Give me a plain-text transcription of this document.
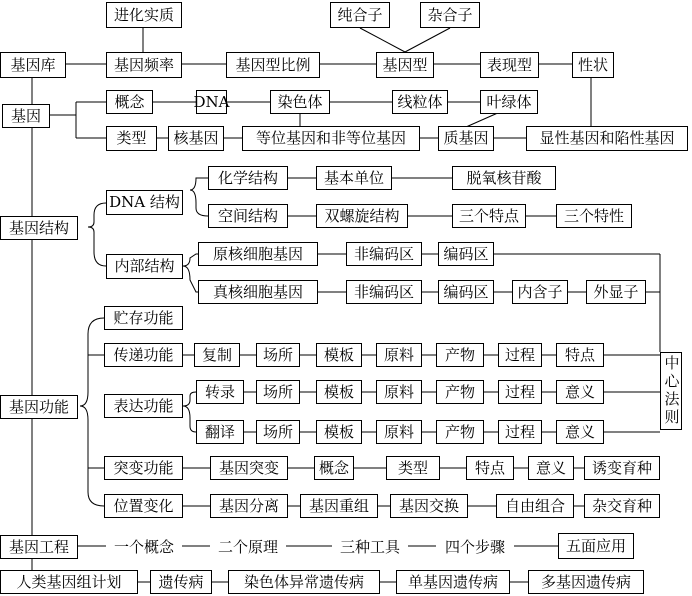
进化实质	纯合子	杂合子
基因库	基因频率	基因型比例	基因型	表现型	性状
基因
概念	DNA	染色体	线粒体	叶绿体
类型	核基因	等位基因和非等位基因	质基因	显性基因和陷性基因
DNA 结构
化学结构	基本单位	脱氧核苷酸
空间结构	双螺旋结构	三个特点	三个特性
基因结构
内部结构
原核细胞基因	非编码区	编码区
真核细胞基因	非编码区	编码区	内含子	外显子
贮存功能
传递功能	复制	场所	模板	原料	产物	过程	特点
中心法则
基因功能	表达功能
转录	场所	模板	原料	产物	过程	意义
翻译	场所	模板	原料	产物	过程	意义
突变功能	基因突变	概念	类型	特点	意义	诱变育种
位置变化	基因分离	基因重组	基因交换	自由组合	杂交育种
基因工程	一个概念	二个原理	三种工具	四个步骤	五面应用
人类基因组计划	遗传病	染色体异常遗传病	单基因遗传病	多基因遗传病
